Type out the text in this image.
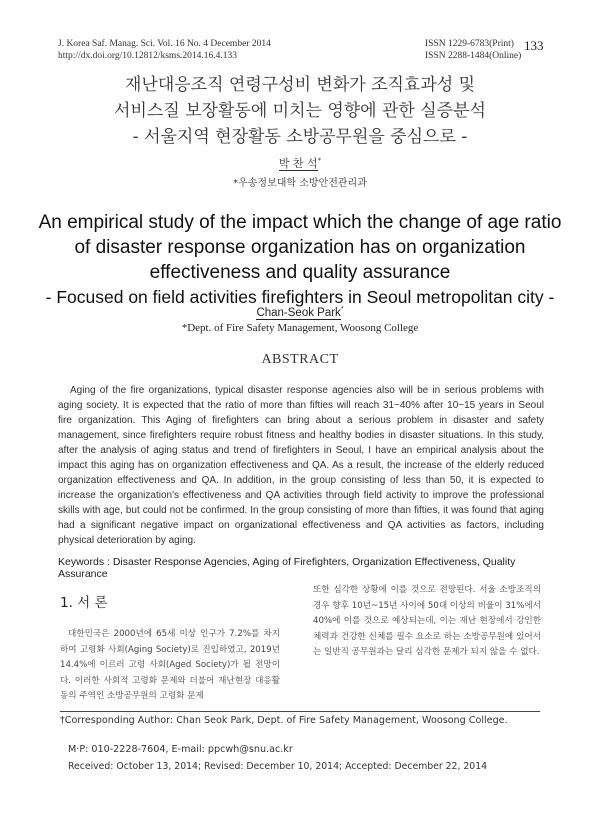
J. Korea Saf. Manag. Sci. Vol. 16 No. 4 December 2014
http://dx.doi.org/10.12812/ksms.2014.16.4.133
ISSN 1229-6783(Print)
ISSN 2288-1484(Online)
133
재난대응조직 연령구성비 변화가 조직효과성 및
서비스질 보장활동에 미치는 영향에 관한 실증분석
- 서울지역 현장활동 소방공무원을 중심으로 -
박 찬 석*
*우송정보대학 소방안전관리과
An empirical study of the impact which the change of age ratio
of disaster response organization has on organization
effectiveness and quality assurance
- Focused on field activities firefighters in Seoul metropolitan city -
Chan-Seok Park*
*Dept. of Fire Safety Management, Woosong College
ABSTRACT
Aging of the fire organizations, typical disaster response agencies also will be in serious problems with aging society. It is expected that the ratio of more than fifties will reach 31~40% after 10~15 years in Seoul fire organization. This Aging of firefighters can bring about a serious problem in disaster and safety management, since firefighters require robust fitness and healthy bodies in disaster situations. In this study, after the analysis of aging status and trend of firefighters in Seoul, I have an empirical analysis about the impact this aging has on organization effectiveness and QA. As a result, the increase of the elderly reduced organization effectiveness and QA. In addition, in the group consisting of less than 50, it is expected to increase the organization's effectiveness and QA activities through field activity to improve the professional skills with age, but could not be confirmed. In the group consisting of more than fifties, it was found that aging had a significant negative impact on organizational effectiveness and QA activities as factors, including physical deterioration by aging.
Keywords : Disaster Response Agencies, Aging of Firefighters, Organization Effectiveness, Quality Assurance
1. 서 론
대한민국은 2000년에 65세 이상 인구가 7.2%를 차지하여 고령화 사회(Aging Society)로 진입하였고, 2019년 14.4%에 이르러 고령 사회(Aged Society)가 될 전망이다. 이러한 사회적 고령화 문제와 더불어 재난현장 대응활동의 주역인 소방공무원의 고령화 문제
또한 심각한 상황에 이를 것으로 전망된다. 서울 소방조직의 경우 향후 10년~15년 사이에 50대 이상의 비율이 31%에서 40%에 이를 것으로 예상되는데, 이는 재난 현장에서 강인한 체력과 건강한 신체를 필수 요소로 하는 소방공무원에 있어서는 일반직 공무원과는 달리 심각한 문제가 되지 않을 수 없다.
†Corresponding Author: Chan Seok Park, Dept. of Fire Safety Management, Woosong College.
M·P: 010-2228-7604, E-mail: ppcwh@snu.ac.kr
Received: October 13, 2014; Revised: December 10, 2014; Accepted: December 22, 2014
